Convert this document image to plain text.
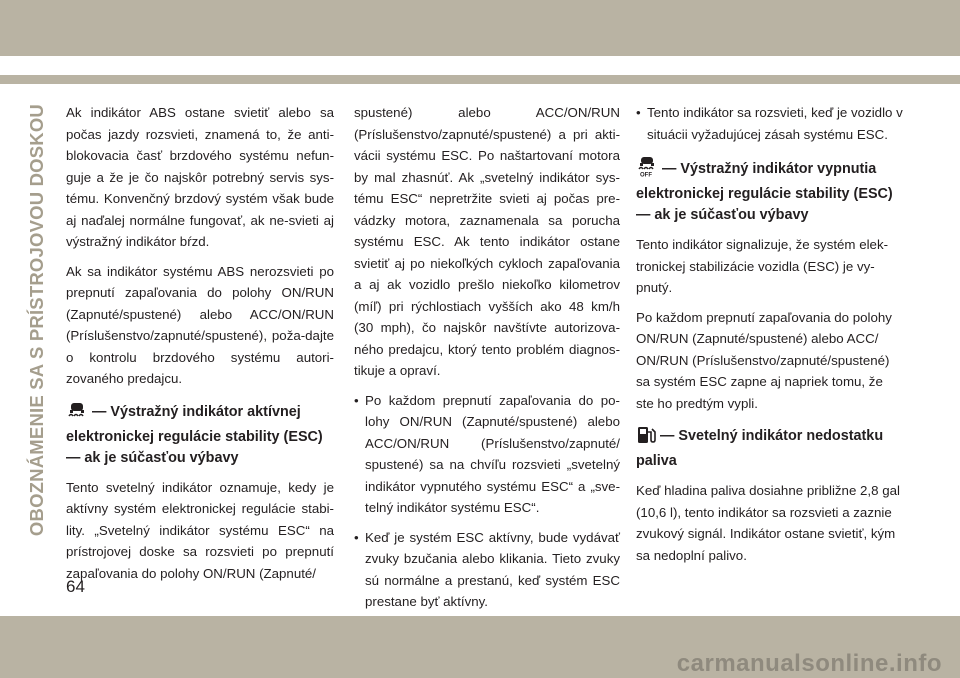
OBOZNÁMENIE SA S PRÍSTROJOVOU DOSKOU Ak indikátor ABS ostane svietiť alebo sa počas jazdy rozsvieti, znamená to, že anti-blokovacia časť brzdového systému nefun-guje a že je čo najskôr potrebný servis sys-tému. Konvenčný brzdový systém však bude aj naďalej normálne fungovať, ak ne-svieti aj výstražný indikátor bŕzd.

Ak sa indikátor systému ABS nerozsvieti po prepnutí zapaľovania do polohy ON/RUN (Zapnuté/spustené) alebo ACC/ON/RUN (Príslušenstvo/zapnuté/spustené), poža-dajte o kontrolu brzdového systému autori-zovaného predajcu.

— Výstražný indikátor aktívnej elektronickej regulácie stability (ESC) — ak je súčasťou výbavy

Tento svetelný indikátor oznamuje, kedy je aktívny systém elektronickej regulácie stabi-lity. „Svetelný indikátor systému ESC“ na prístrojovej doske sa rozsvieti po prepnutí zapaľovania do polohy ON/RUN (Zapnuté/

spustené) alebo ACC/ON/RUN (Príslušenstvo/zapnuté/spustené) a pri akti-vácii systému ESC. Po naštartovaní motora by mal zhasnúť. Ak „svetelný indikátor sys-tému ESC“ nepretržite svieti aj počas pre-vádzky motora, zaznamenala sa porucha systému ESC. Ak tento indikátor ostane svietiť aj po niekoľkých cykloch zapaľovania a aj ak vozidlo prešlo niekoľko kilometrov (míľ) pri rýchlostiach vyšších ako 48 km/h (30 mph), čo najskôr navštívte autorizova-ného predajcu, ktorý tento problém diagnos-tikuje a opraví.

• Po každom prepnutí zapaľovania do po-lohy ON/RUN (Zapnuté/spustené) alebo ACC/ON/RUN (Príslušenstvo/zapnuté/ spustené) sa na chvíľu rozsvieti „svetelný indikátor vypnutého systému ESC“ a „sve-telný indikátor systému ESC“.
• Keď je systém ESC aktívny, bude vydávať zvuky bzučania alebo klikania. Tieto zvuky sú normálne a prestanú, keď systém ESC prestane byť aktívny.
• Tento indikátor sa rozsvieti, keď je vozidlo v situácii vyžadujúcej zásah systému ESC.
OFF — Výstražný indikátor vypnutia elektronickej regulácie stability (ESC) — ak je súčasťou výbavy

Tento indikátor signalizuje, že systém elek-tronickej stabilizácie vozidla (ESC) je vy-pnutý.

Po každom prepnutí zapaľovania do polohy ON/RUN (Zapnuté/spustené) alebo ACC/ ON/RUN (Príslušenstvo/zapnuté/spustené) sa systém ESC zapne aj napriek tomu, že ste ho predtým vypli.

— Svetelný indikátor nedostatku paliva

Keď hladina paliva dosiahne približne 2,8 gal (10,6 l), tento indikátor sa rozsvieti a zaznie zvukový signál. Indikátor ostane svietiť, kým sa nedoplní palivo.

64
carmanualsonline.info
